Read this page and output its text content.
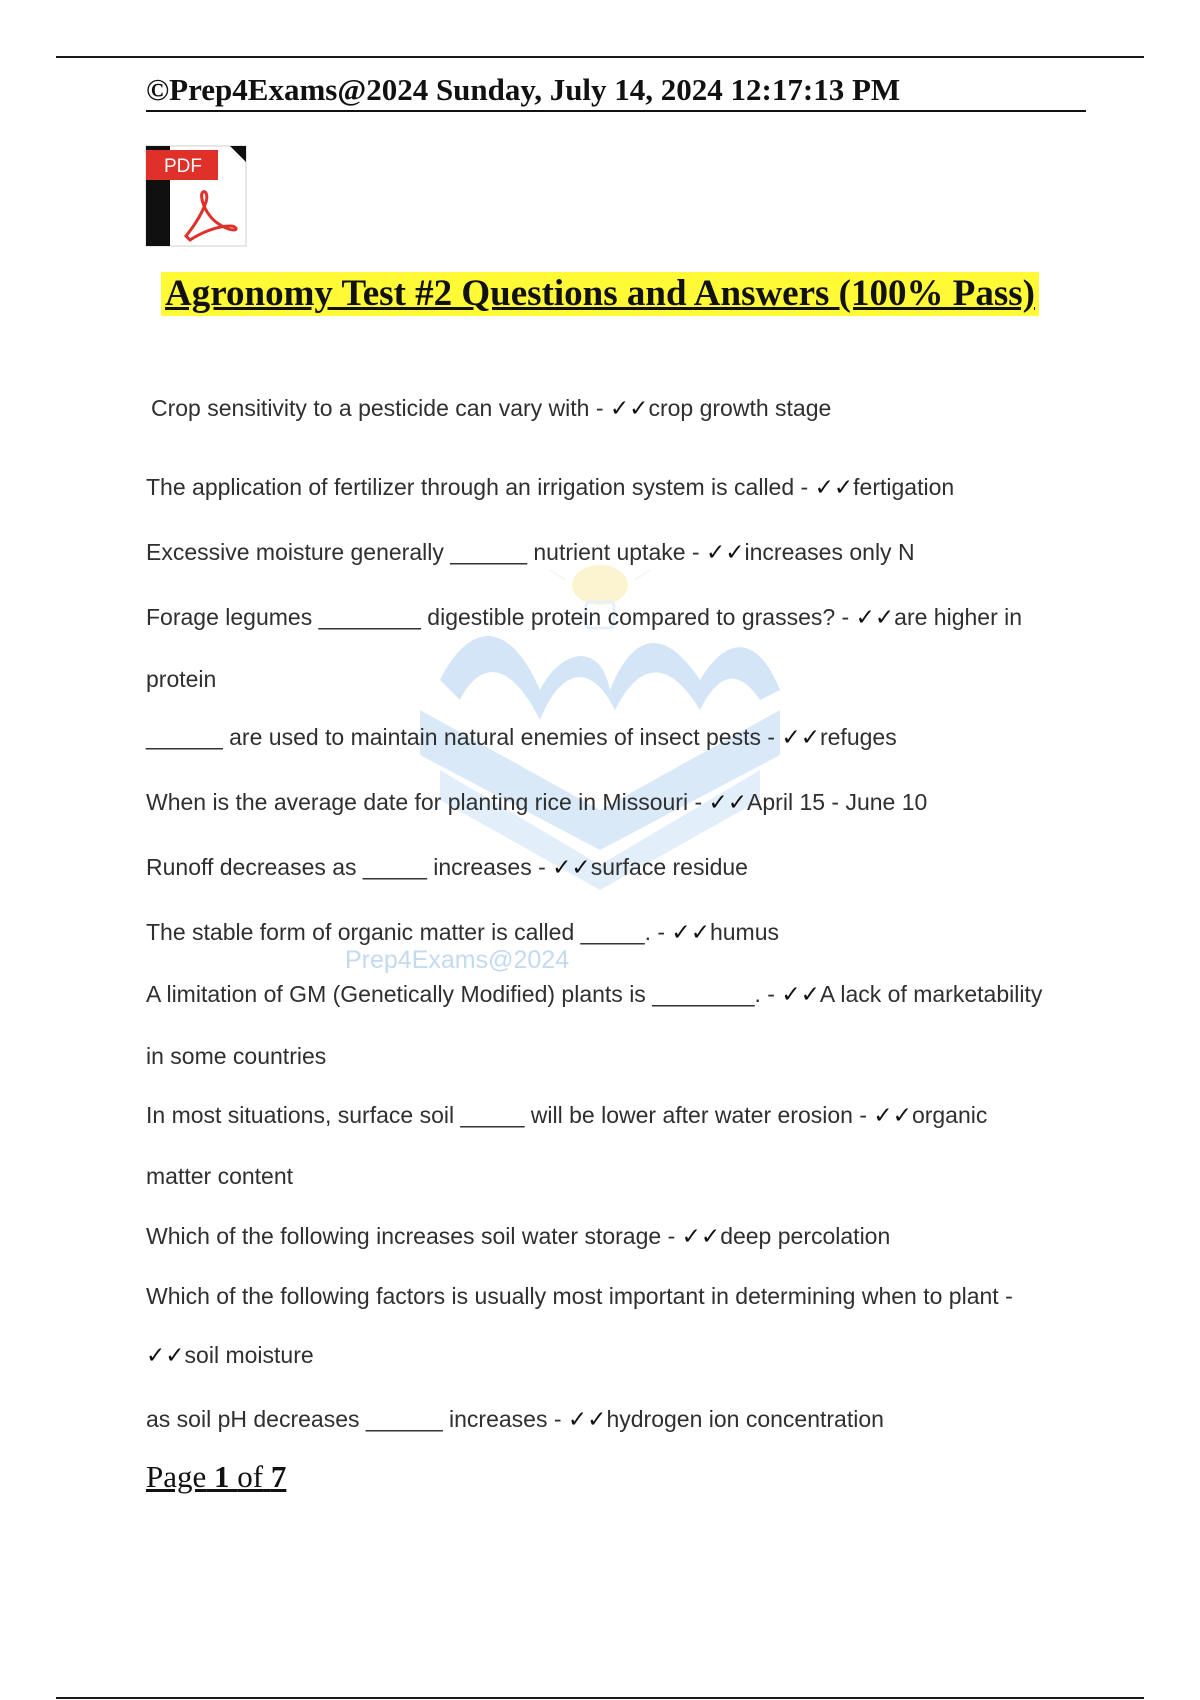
©Prep4Exams@2024 Sunday, July 14, 2024 12:17:13 PM
PDF
Prep4Exams@2024
Agronomy Test #2 Questions and Answers (100% Pass)
Crop sensitivity to a pesticide can vary with - ✓✓crop growth stage
The application of fertilizer through an irrigation system is called - ✓✓fertigation
Excessive moisture generally ______ nutrient uptake - ✓✓increases only N
Forage legumes ________ digestible protein compared to grasses? - ✓✓are higher in
protein
______ are used to maintain natural enemies of insect pests - ✓✓refuges
When is the average date for planting rice in Missouri - ✓✓April 15 - June 10
Runoff decreases as _____ increases - ✓✓surface residue
The stable form of organic matter is called _____. - ✓✓humus
A limitation of GM (Genetically Modified) plants is ________. - ✓✓A lack of marketability
in some countries
In most situations, surface soil _____ will be lower after water erosion - ✓✓organic
matter content
Which of the following increases soil water storage - ✓✓deep percolation
Which of the following factors is usually most important in determining when to plant -
✓✓soil moisture
as soil pH decreases ______ increases - ✓✓hydrogen ion concentration
Page 1 of 7
